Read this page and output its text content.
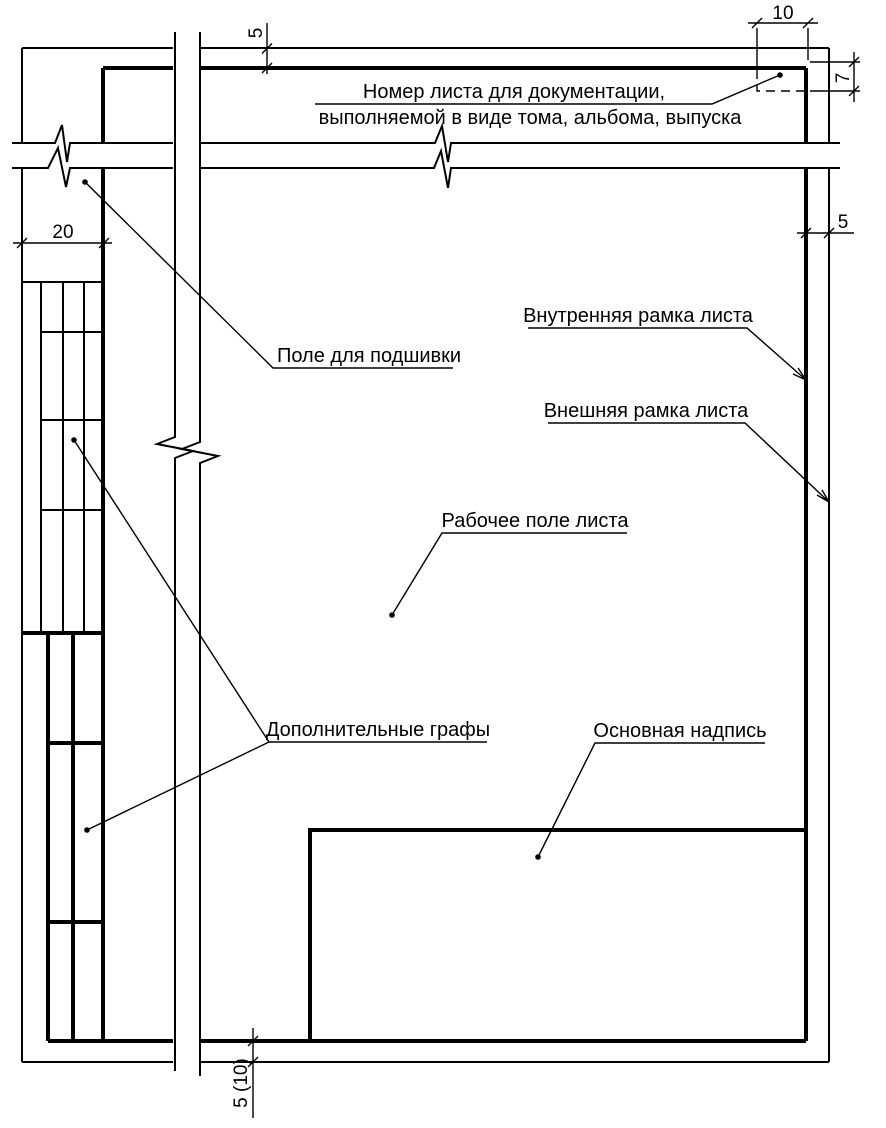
10
7
5
20	5
5 (10)
Номер листа для документации,
выполняемой в виде тома, альбома, выпуска
Поле для подшивки
Внутренняя рамка листа
Внешняя рамка листа
Рабочее поле листа
Дополнительные графы	Основная надпись
